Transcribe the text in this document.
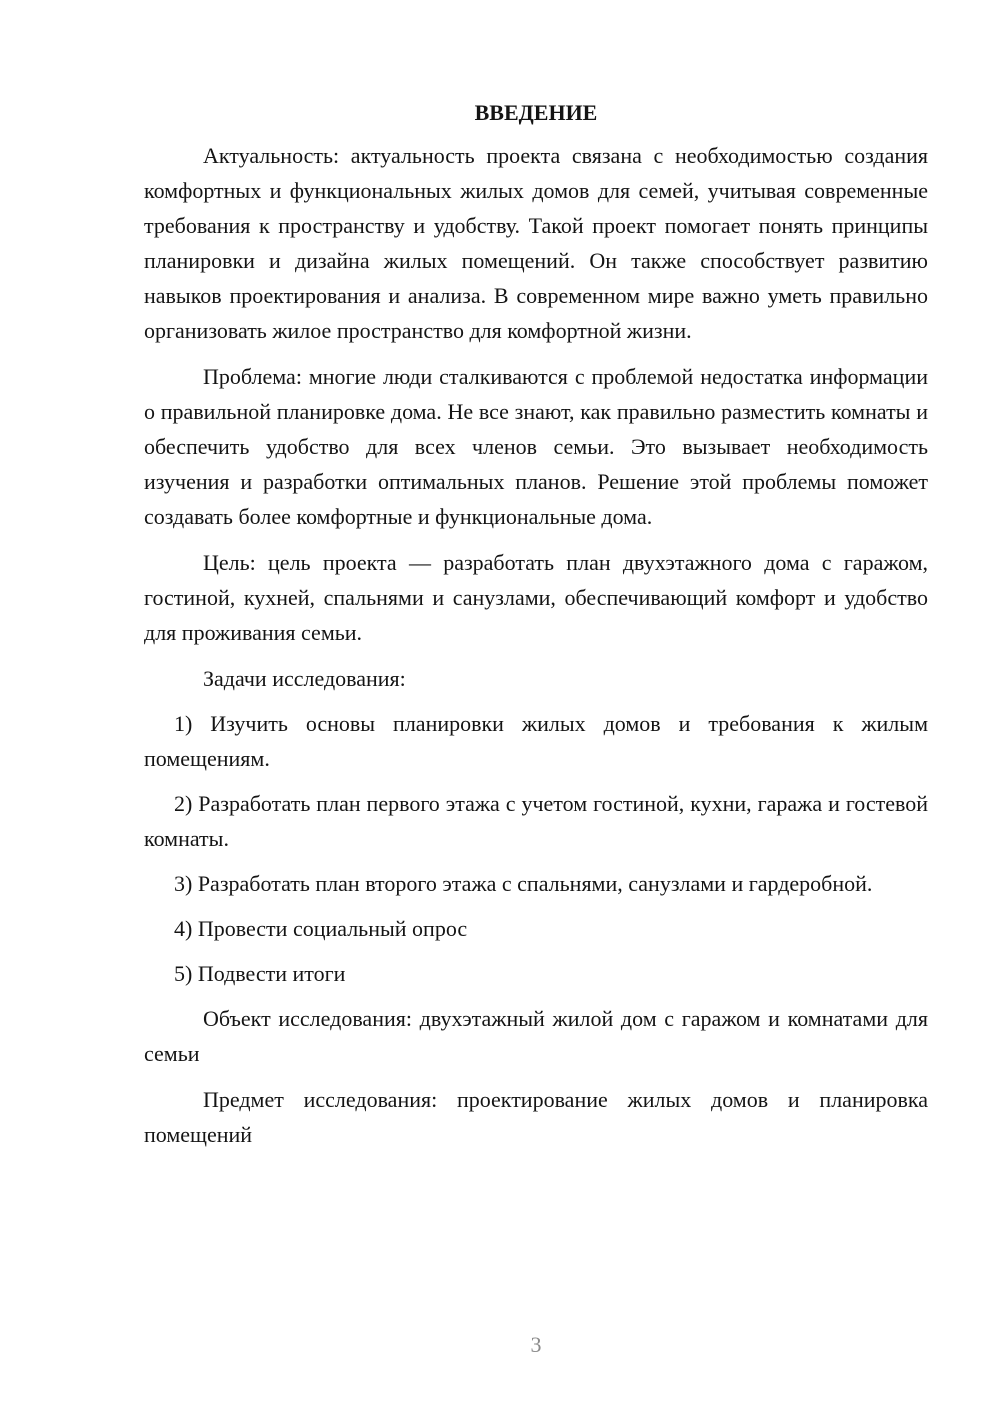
ВВЕДЕНИЕ

Актуальность: актуальность проекта связана с необходимостью создания комфортных и функциональных жилых домов для семей, учитывая современные требования к пространству и удобству. Такой проект помогает понять принципы планировки и дизайна жилых помещений. Он также способствует развитию навыков проектирования и анализа. В современном мире важно уметь правильно организовать жилое пространство для комфортной жизни.

Проблема: многие люди сталкиваются с проблемой недостатка информации о правильной планировке дома. Не все знают, как правильно разместить комнаты и обеспечить удобство для всех членов семьи. Это вызывает необходимость изучения и разработки оптимальных планов. Решение этой проблемы поможет создавать более комфортные и функциональные дома.

Цель: цель проекта — разработать план двухэтажного дома с гаражом, гостиной, кухней, спальнями и санузлами, обеспечивающий комфорт и удобство для проживания семьи.

Задачи исследования:

1) Изучить основы планировки жилых домов и требования к жилым помещениям.

2) Разработать план первого этажа с учетом гостиной, кухни, гаража и гостевой комнаты.

3) Разработать план второго этажа с спальнями, санузлами и гардеробной.

4) Провести социальный опрос

5) Подвести итоги

Объект исследования: двухэтажный жилой дом с гаражом и комнатами для семьи

Предмет исследования: проектирование жилых домов и планировка помещений

3
